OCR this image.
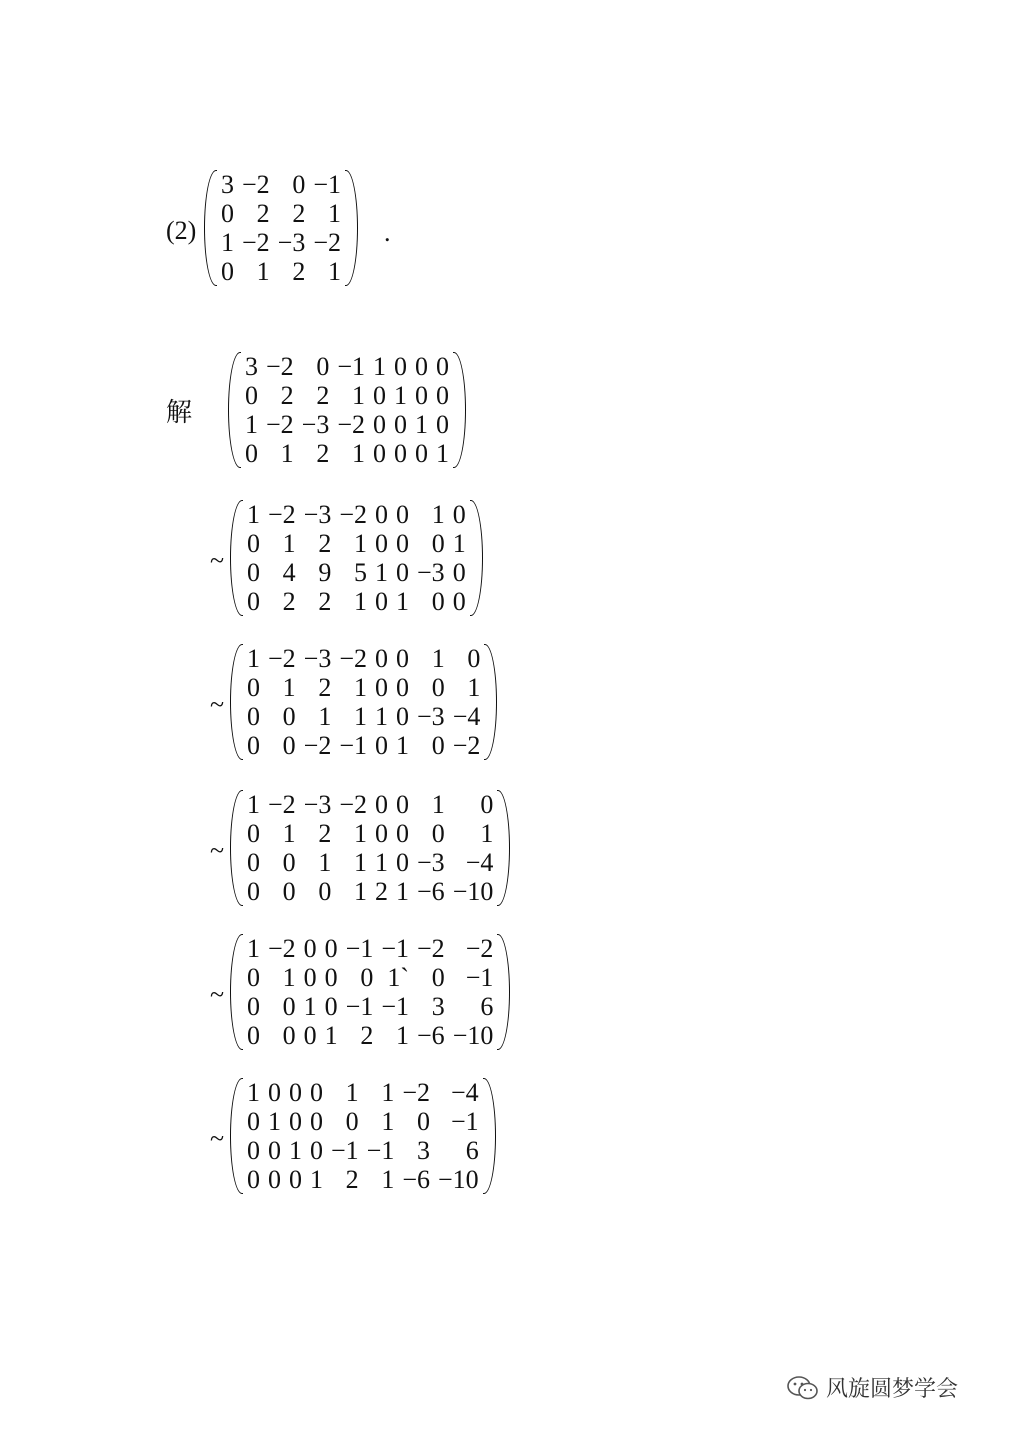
(2)
3	−2	0	−1
0	2	2	1
1	−2	−3	−2
0	1	2	1
.
解
3	−2	0	−1	1	0	0	0
0	2	2	1	0	1	0	0
1	−2	−3	−2	0	0	1	0
0	1	2	1	0	0	0	1
~
1	−2	−3	−2	0	0	1	0
0	1	2	1	0	0	0	1
0	4	9	5	1	0	−3	0
0	2	2	1	0	1	0	0
~
1	−2	−3	−2	0	0	1	0
0	1	2	1	0	0	0	1
0	0	1	1	1	0	−3	−4
0	0	−2	−1	0	1	0	−2
~
1	−2	−3	−2	0	0	1	0
0	1	2	1	0	0	0	1
0	0	1	1	1	0	−3	−4
0	0	0	1	2	1	−6	−10
~
1	−2	0	0	−1	−1	−2	−2
0	1	0	0	0	1`	0	−1
0	0	1	0	−1	−1	3	6
0	0	0	1	2	1	−6	−10
~
1	0	0	0	1	1	−2	−4
0	1	0	0	0	1	0	−1
0	0	1	0	−1	−1	3	6
0	0	0	1	2	1	−6	−10
风旋圆梦学会
